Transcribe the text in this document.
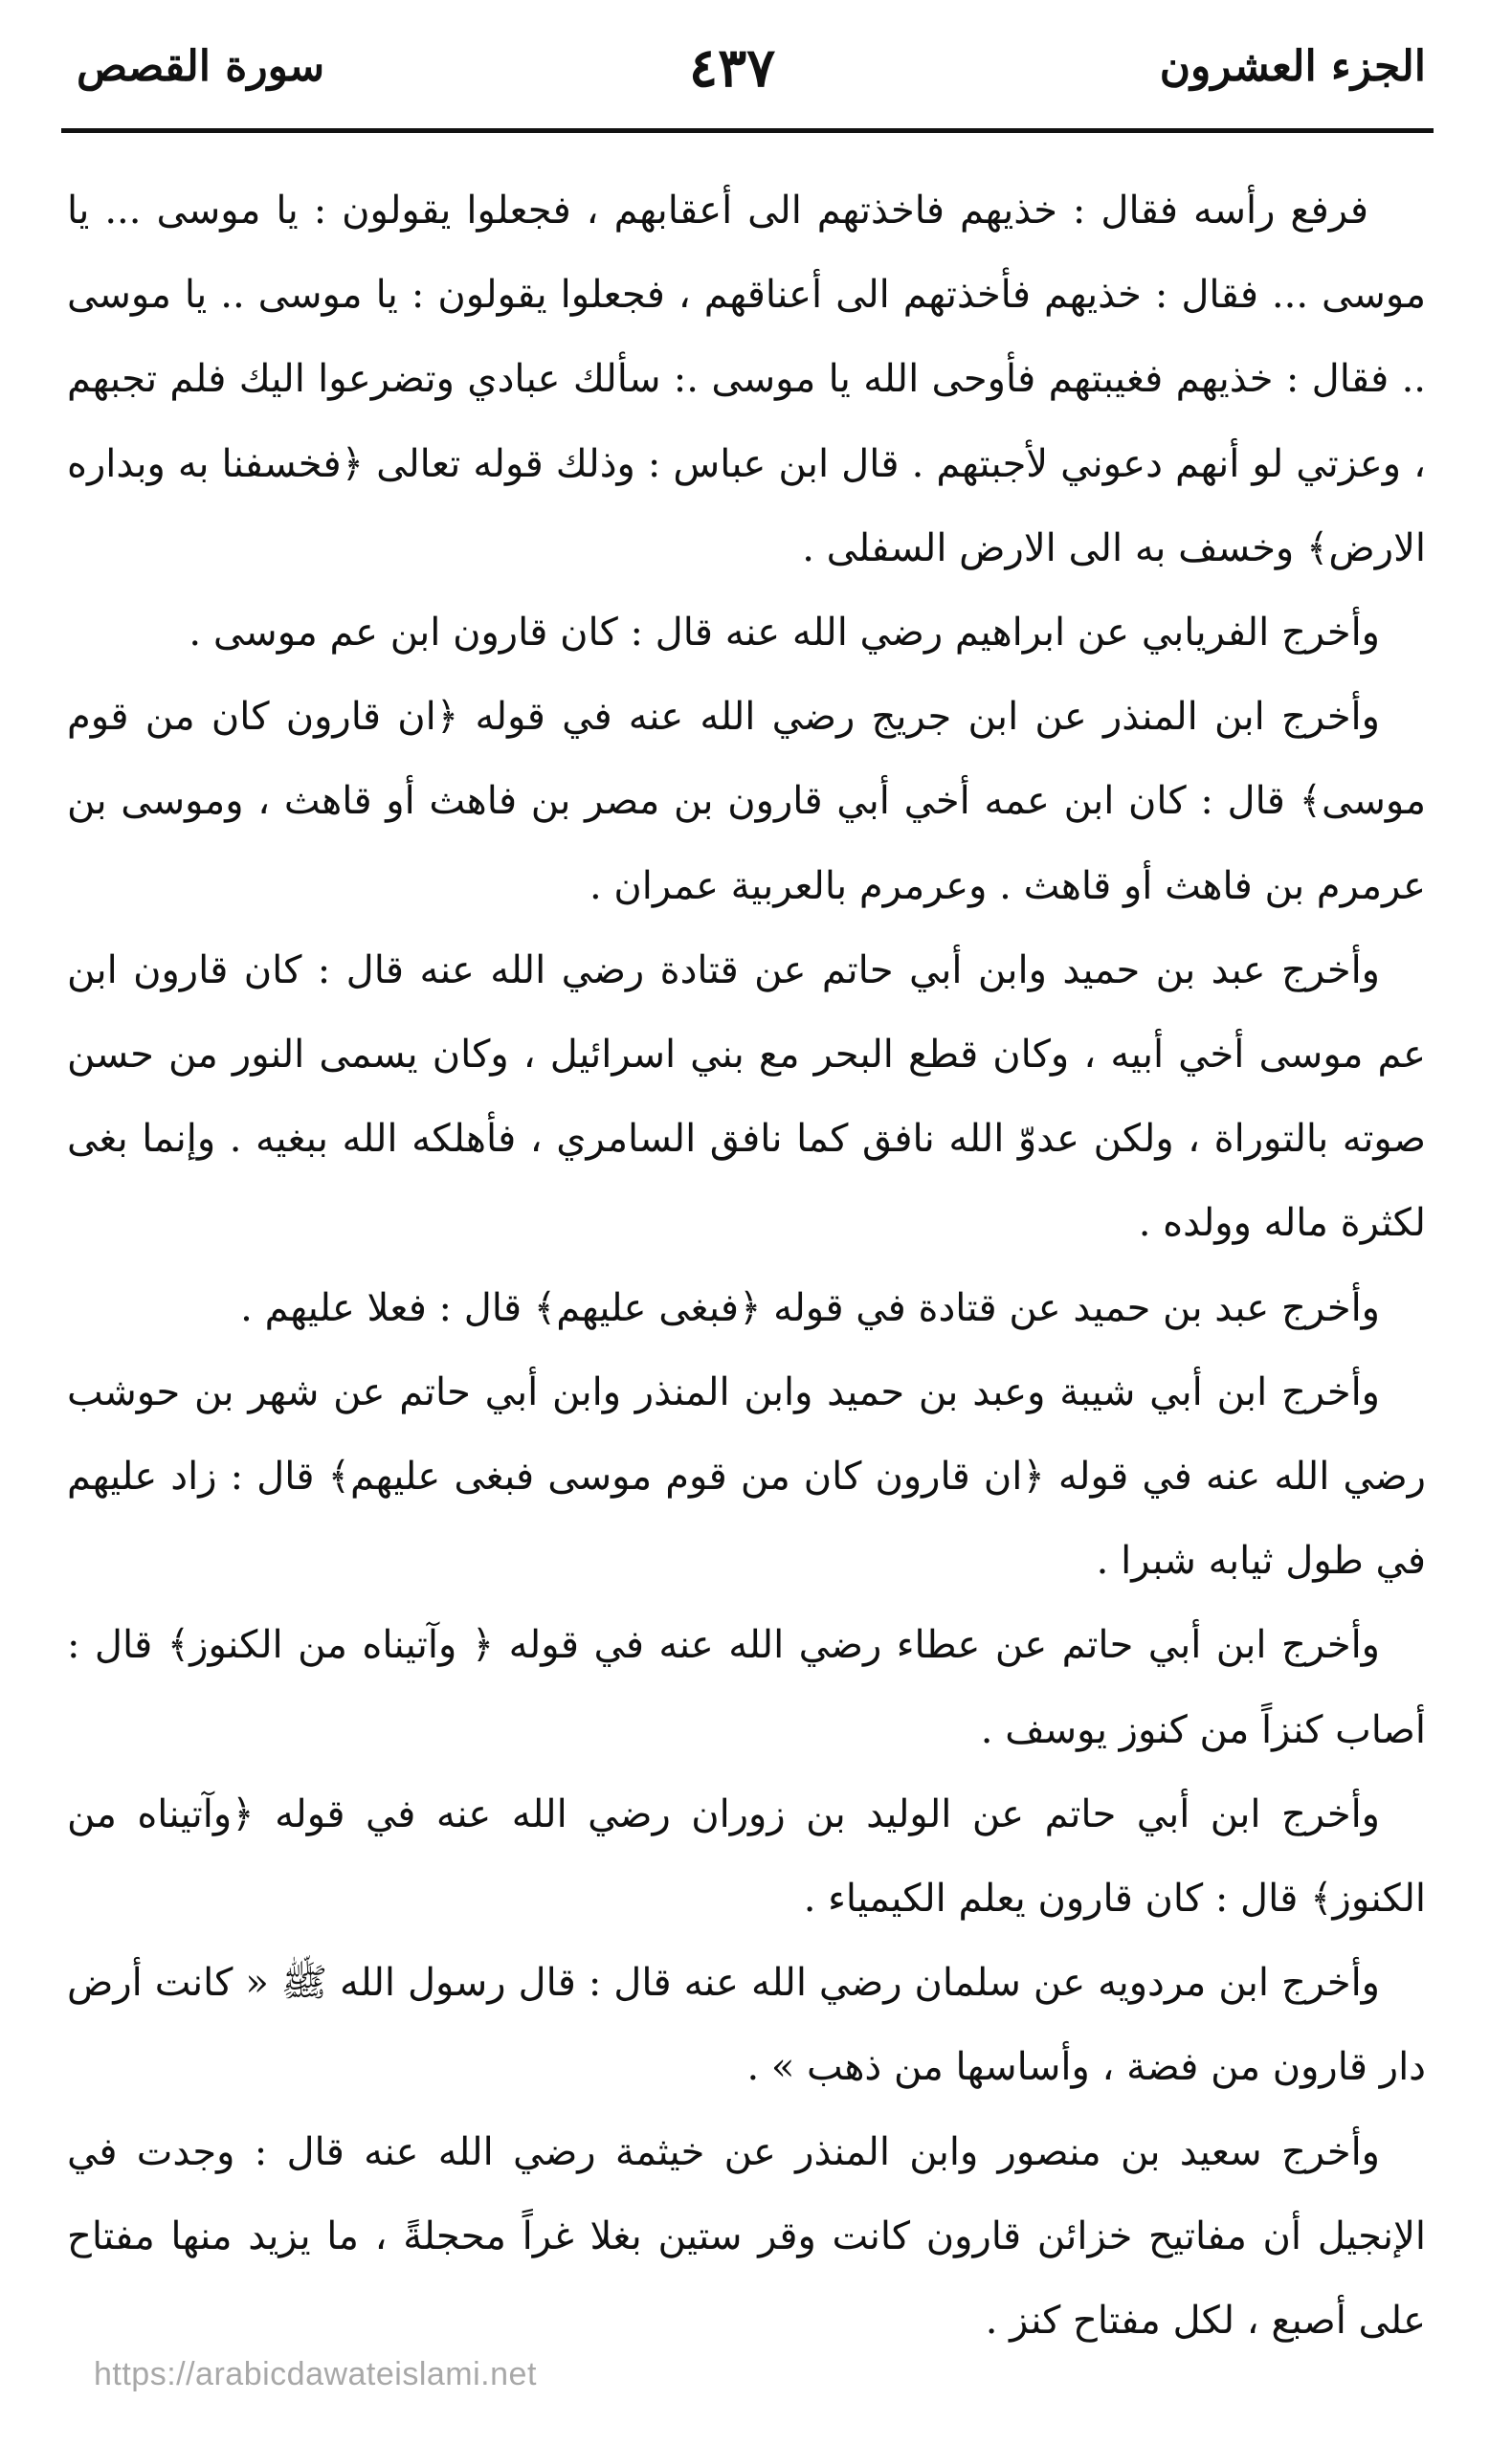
الجزء العشرون
٤٣٧
سورة القصص

فرفع رأسه فقال : خذيهم فاخذتهم الى أعقابهم ، فجعلوا يقولون : يا موسى ... يا موسى ... فقال : خذيهم فأخذتهم الى أعناقهم ، فجعلوا يقولون : يا موسى .. يا موسى .. فقال : خذيهم فغيبتهم فأوحى الله يا موسى .: سألك عبادي وتضرعوا اليك فلم تجبهم ، وعزتي لو أنهم دعوني لأجبتهم . قال ابن عباس : وذلك قوله تعالى ﴿فخسفنا به وبداره الارض﴾ وخسف به الى الارض السفلى .

وأخرج الفريابي عن ابراهيم رضي الله عنه قال : كان قارون ابن عم موسى .

وأخرج ابن المنذر عن ابن جريج رضي الله عنه في قوله ﴿ان قارون كان من قوم موسى﴾ قال : كان ابن عمه أخي أبي قارون بن مصر بن فاهث أو قاهث ، وموسى بن عرمرم بن فاهث أو قاهث . وعرمرم بالعربية عمران .

وأخرج عبد بن حميد وابن أبي حاتم عن قتادة رضي الله عنه قال : كان قارون ابن عم موسى أخي أبيه ، وكان قطع البحر مع بني اسرائيل ، وكان يسمى النور من حسن صوته بالتوراة ، ولكن عدوّ الله نافق كما نافق السامري ، فأهلكه الله ببغيه . وإنما بغى لكثرة ماله وولده .

وأخرج عبد بن حميد عن قتادة في قوله ﴿فبغى عليهم﴾ قال : فعلا عليهم .

وأخرج ابن أبي شيبة وعبد بن حميد وابن المنذر وابن أبي حاتم عن شهر بن حوشب رضي الله عنه في قوله ﴿ان قارون كان من قوم موسى فبغى عليهم﴾ قال : زاد عليهم في طول ثيابه شبرا .

وأخرج ابن أبي حاتم عن عطاء رضي الله عنه في قوله ﴿ وآتيناه من الكنوز﴾ قال : أصاب كنزاً من كنوز يوسف .

وأخرج ابن أبي حاتم عن الوليد بن زوران رضي الله عنه في قوله ﴿وآتيناه من الكنوز﴾ قال : كان قارون يعلم الكيمياء .

وأخرج ابن مردويه عن سلمان رضي الله عنه قال : قال رسول الله ﷺ « كانت أرض دار قارون من فضة ، وأساسها من ذهب » .

وأخرج سعيد بن منصور وابن المنذر عن خيثمة رضي الله عنه قال : وجدت في الإنجيل أن مفاتيح خزائن قارون كانت وقر ستين بغلا غراً محجلةً ، ما يزيد منها مفتاح على أصبع ، لكل مفتاح كنز .

https://arabicdawateislami.net
